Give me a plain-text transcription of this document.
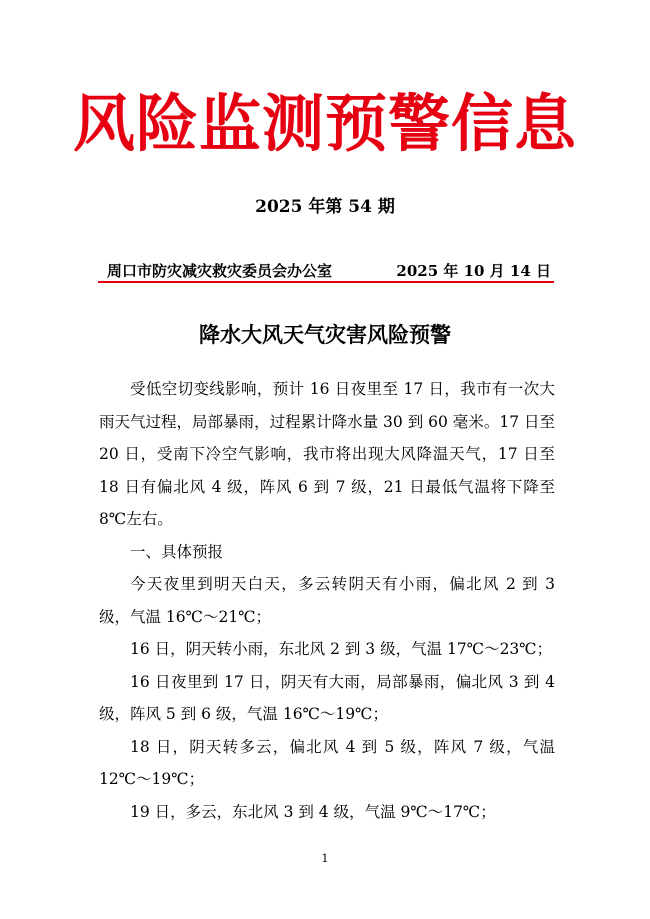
风险监测预警信息
2025 年第 54 期
周口市防灾减灾救灾委员会办公室	2025 年 10 月 14 日
降水大风天气灾害风险预警

受低空切变线影响，预计 16 日夜里至 17 日，我市有一次大雨天气过程，局部暴雨，过程累计降水量 30 到 60 毫米。17 日至 20 日，受南下冷空气影响，我市将出现大风降温天气，17 日至 18 日有偏北风 4 级，阵风 6 到 7 级，21 日最低气温将下降至 8℃左右。

一、具体预报

今天夜里到明天白天，多云转阴天有小雨，偏北风 2 到 3 级，气温 16℃～21℃；

16 日，阴天转小雨，东北风 2 到 3 级，气温 17℃～23℃；

16 日夜里到 17 日，阴天有大雨，局部暴雨，偏北风 3 到 4 级，阵风 5 到 6 级，气温 16℃～19℃；

18 日，阴天转多云，偏北风 4 到 5 级，阵风 7 级，气温 12℃～19℃；

19 日，多云，东北风 3 到 4 级，气温 9℃～17℃；

1
